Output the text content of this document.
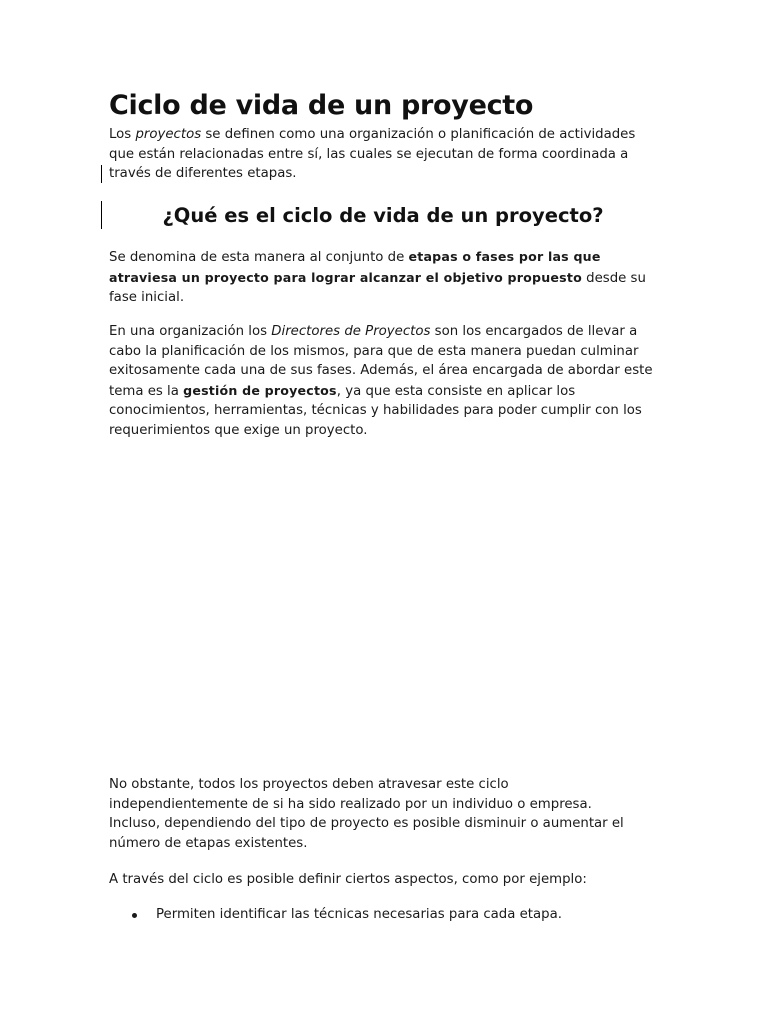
Ciclo de vida de un proyecto

Los proyectos se definen como una organización o planificación de actividades
que están relacionadas entre sí, las cuales se ejecutan de forma coordinada a
través de diferentes etapas.

¿Qué es el ciclo de vida de un proyecto?

Se denomina de esta manera al conjunto de etapas o fases por las que
atraviesa un proyecto para lograr alcanzar el objetivo propuesto desde su
fase inicial.

En una organización los Directores de Proyectos son los encargados de llevar a
cabo la planificación de los mismos, para que de esta manera puedan culminar
exitosamente cada una de sus fases. Además, el área encargada de abordar este
tema es la gestión de proyectos, ya que esta consiste en aplicar los
conocimientos, herramientas, técnicas y habilidades para poder cumplir con los
requerimientos que exige un proyecto.

No obstante, todos los proyectos deben atravesar este ciclo
independientemente de si ha sido realizado por un individuo o empresa.
Incluso, dependiendo del tipo de proyecto es posible disminuir o aumentar el
número de etapas existentes.

A través del ciclo es posible definir ciertos aspectos, como por ejemplo:

Permiten identificar las técnicas necesarias para cada etapa.
